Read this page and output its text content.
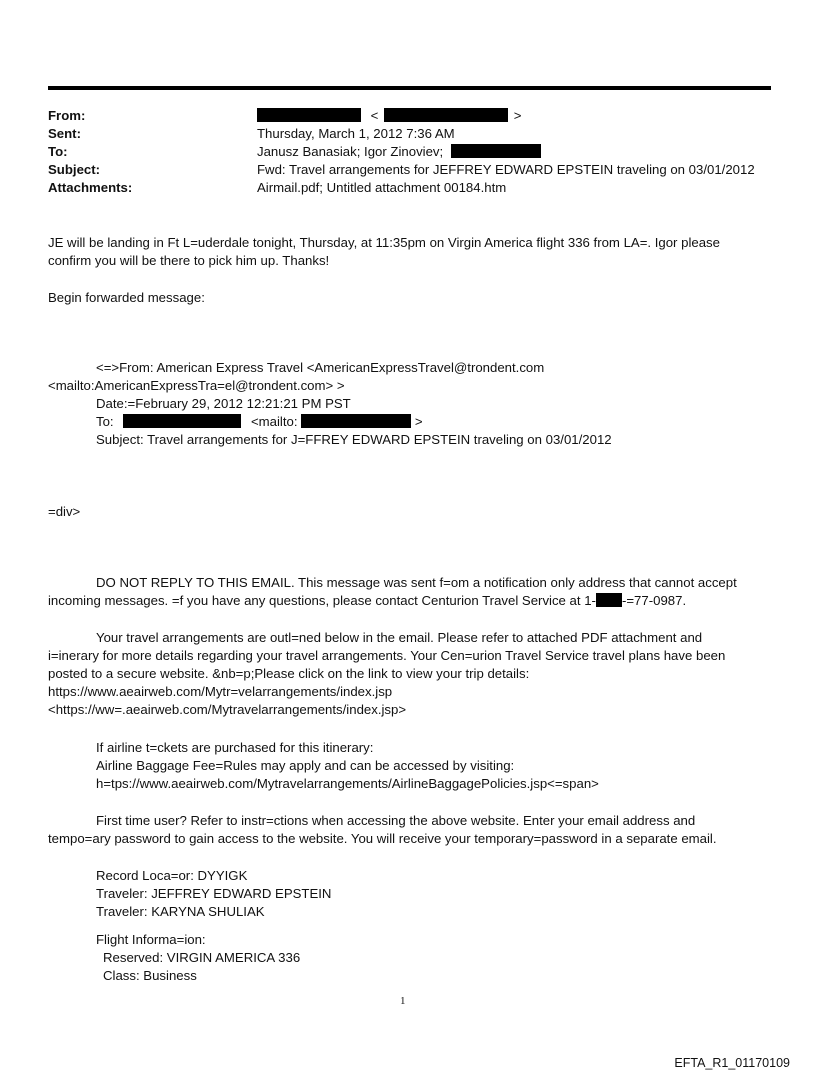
From:	<	>
Sent:	Thursday, March 1, 2012 7:36 AM
To:	Janusz Banasiak; Igor Zinoviev;
Subject:	Fwd: Travel arrangements for JEFFREY EDWARD EPSTEIN traveling on 03/01/2012
Attachments:	Airmail.pdf; Untitled attachment 00184.htm
JE will be landing in Ft L=uderdale tonight, Thursday, at 11:35pm on Virgin America flight 336 from LA=. Igor please
confirm you will be there to pick him up. Thanks!
Begin forwarded message:
<=>From: American Express Travel <AmericanExpressTravel@trondent.com
<mailto:AmericanExpressTra=el@trondent.com> >
Date:=February 29, 2012 12:21:21 PM PST
To:	<mailto:	>
Subject: Travel arrangements for J=FFREY EDWARD EPSTEIN traveling on 03/01/2012
=div>
DO NOT REPLY TO THIS EMAIL. This message was sent f=om a notification only address that cannot accept
incoming messages. =f you have any questions, please contact Centurion Travel Service at 1- -=77-0987.
Your travel arrangements are outl=ned below in the email. Please refer to attached PDF attachment and
i=inerary for more details regarding your travel arrangements. Your Cen=urion Travel Service travel plans have been
posted to a secure website. &nb=p;Please click on the link to view your trip details:
https://www.aeairweb.com/Mytr=velarrangements/index.jsp
<https://ww=.aeairweb.com/Mytravelarrangements/index.jsp>
If airline t=ckets are purchased for this itinerary:
Airline Baggage Fee=Rules may apply and can be accessed by visiting:
h=tps://www.aeairweb.com/Mytravelarrangements/AirlineBaggagePolicies.jsp<=span>
First time user? Refer to instr=ctions when accessing the above website. Enter your email address and
tempo=ary password to gain access to the website. You will receive your temporary=password in a separate email.
Record Loca=or: DYYIGK
Traveler: JEFFREY EDWARD EPSTEIN
Traveler: KARYNA SHULIAK
Flight Informa=ion:
Reserved: VIRGIN AMERICA 336
Class: Business
1
EFTA_R1_01170109
